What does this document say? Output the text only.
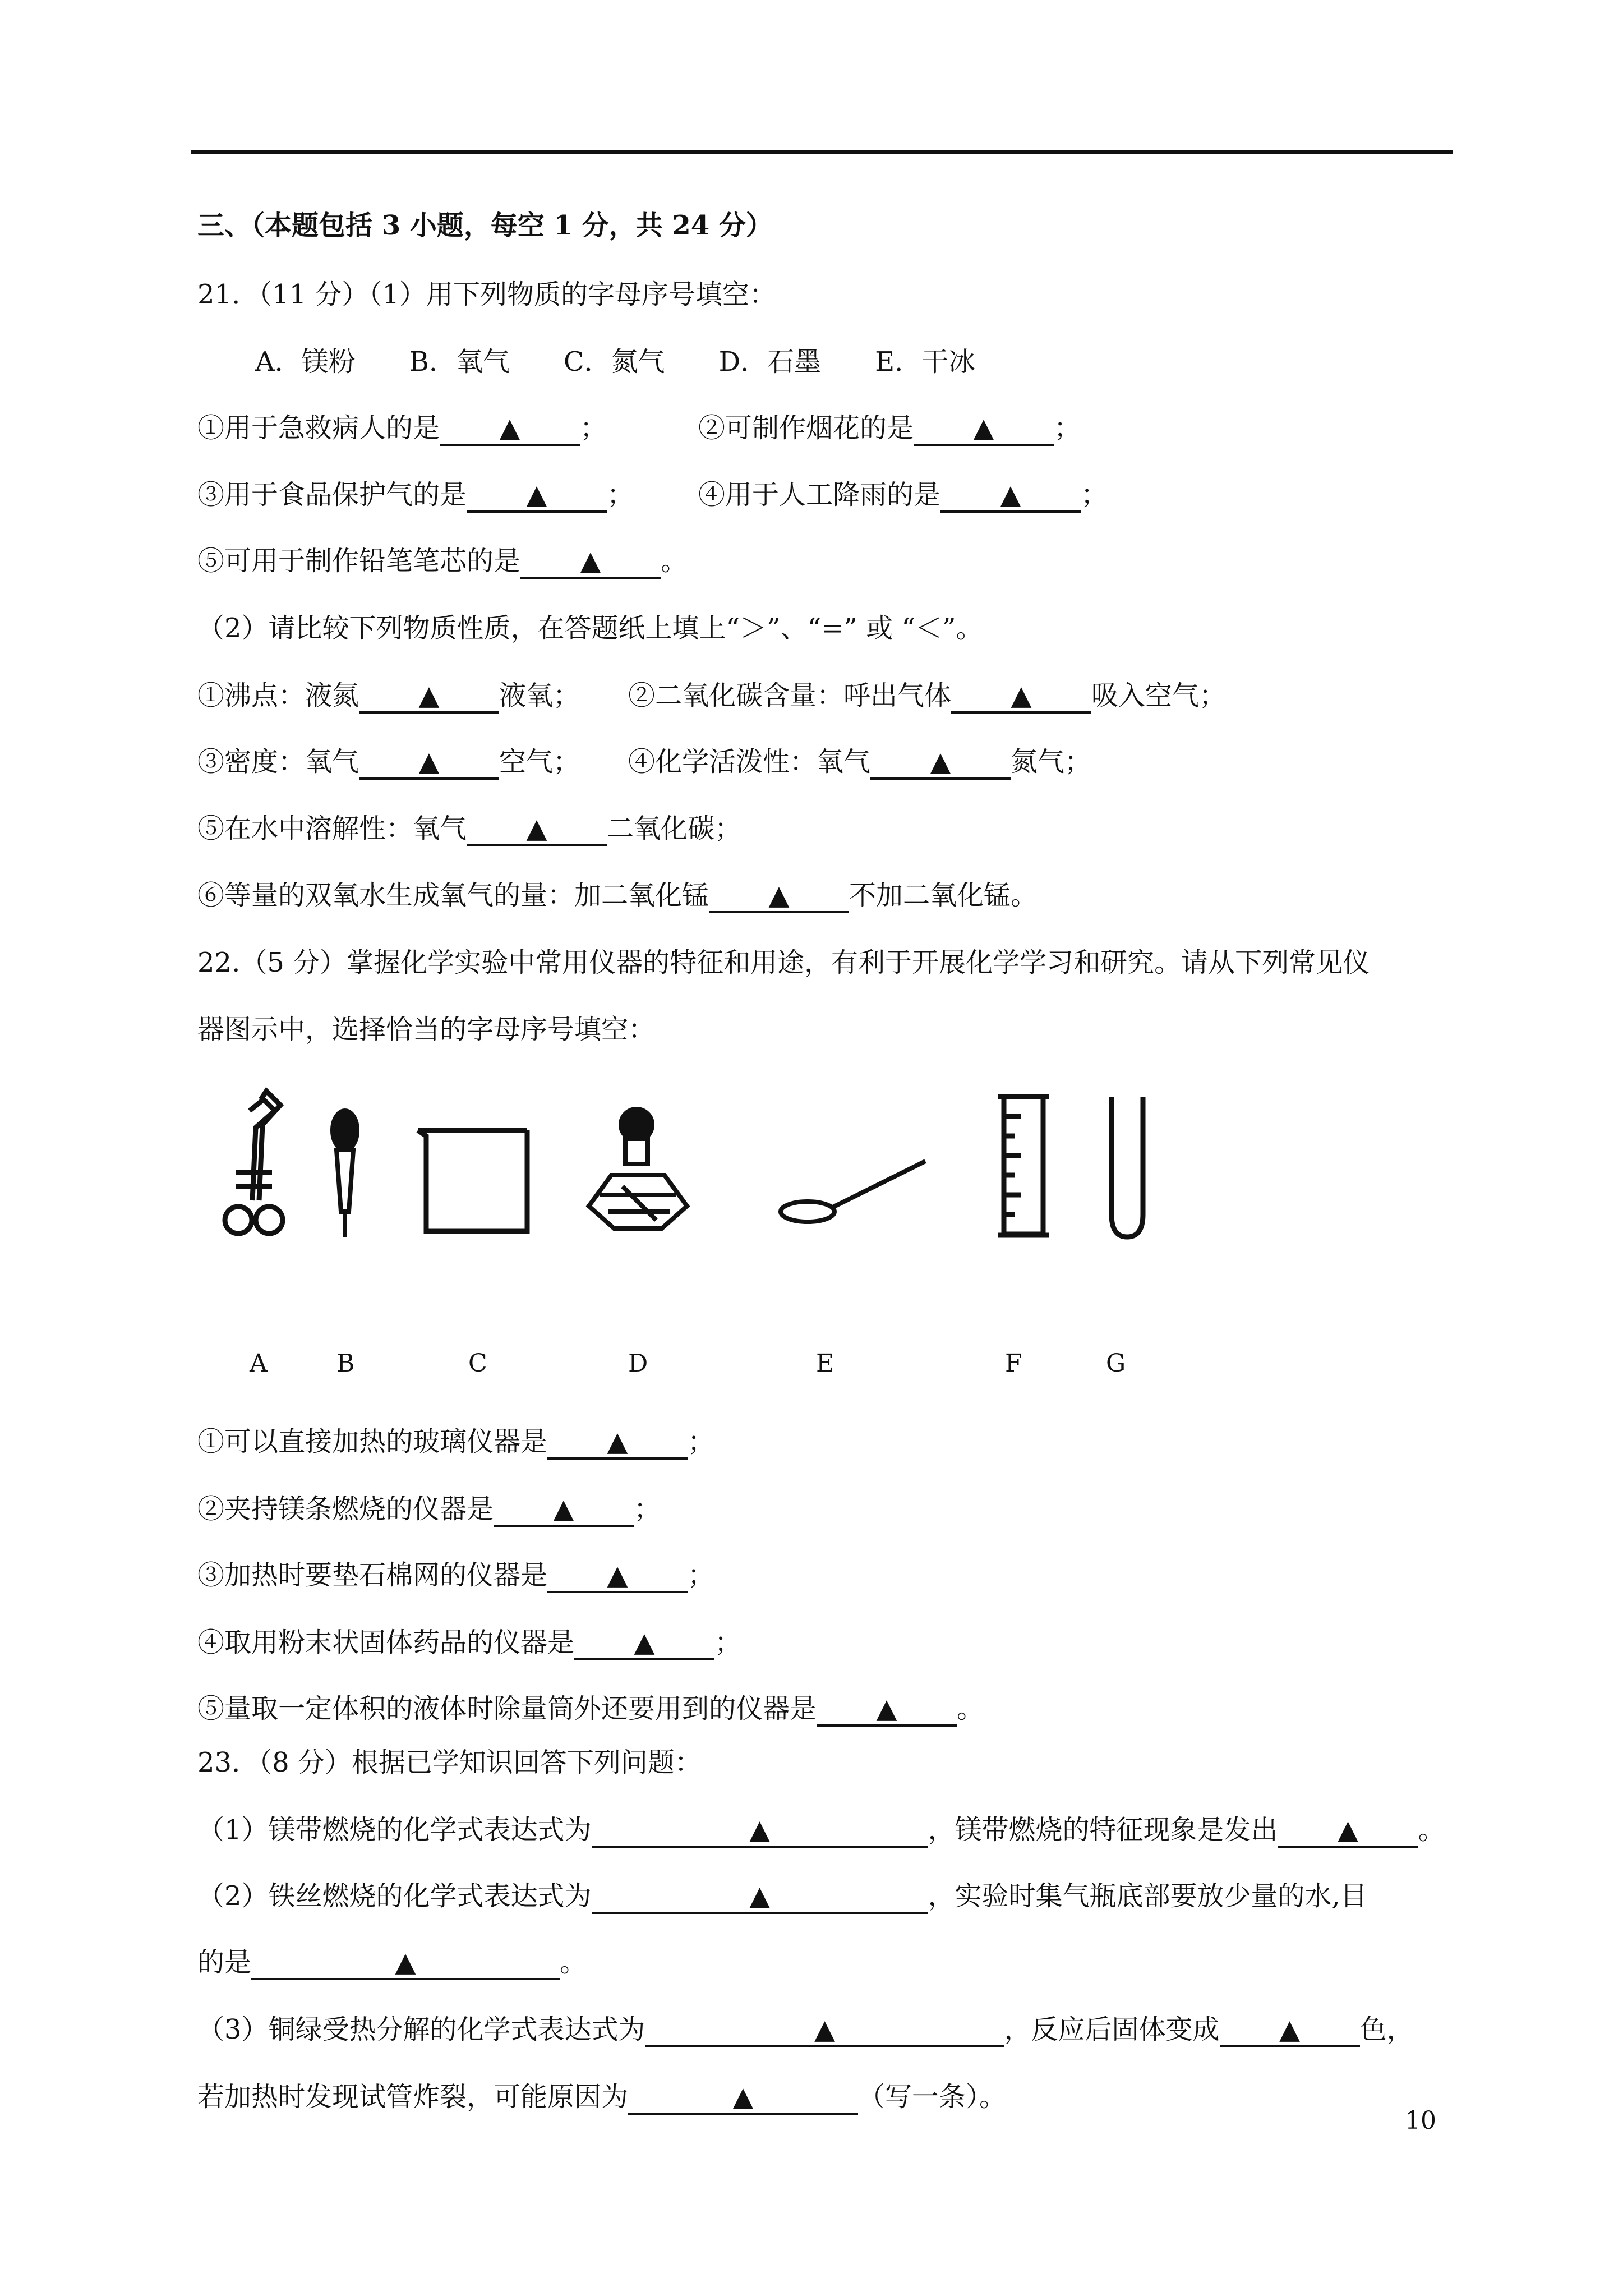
三、（本题包括 3 小题，每空 1 分，共 24 分）
21．（11 分）（1）用下列物质的字母序号填空：
A．镁粉　　B．氧气　　C．氮气　　D．石墨　　E．干冰
①用于急救病人的是 ▲ ；	②可制作烟花的是 ▲ ；
③用于食品保护气的是 ▲ ； ④用于人工降雨的是 ▲ ；
⑤可用于制作铅笔笔芯的是 ▲ 。
（2）请比较下列物质性质，在答题纸上填上“＞”、“=” 或 “＜”。
①沸点：液氮 ▲ 液氧； ②二氧化碳含量：呼出气体 ▲ 吸入空气；
③密度：氧气 ▲ 空气； ④化学活泼性：氧气 ▲ 氮气；
⑤在水中溶解性：氧气 ▲ 二氧化碳；
⑥等量的双氧水生成氧气的量：加二氧化锰 ▲ 不加二氧化锰。
22.（5 分）掌握化学实验中常用仪器的特征和用途，有利于开展化学学习和研究。请从下列常见仪
器图示中，选择恰当的字母序号填空：
A	B	C	D	E	F	G
①可以直接加热的玻璃仪器是 ▲ ；
②夹持镁条燃烧的仪器是 ▲ ；
③加热时要垫石棉网的仪器是 ▲ ；
④取用粉末状固体药品的仪器是 ▲ ；
⑤量取一定体积的液体时除量筒外还要用到的仪器是 ▲ 。
23．（8 分）根据已学知识回答下列问题：
（1）镁带燃烧的化学式表达式为	▲	，镁带燃烧的特征现象是发出 ▲ 。
（2）铁丝燃烧的化学式表达式为	▲	，实验时集气瓶底部要放少量的水,目
的是	▲	。
（3）铜绿受热分解的化学式表达式为	▲	，反应后固体变成 ▲ 色，
若加热时发现试管炸裂，可能原因为	▲	（写一条）。
10
